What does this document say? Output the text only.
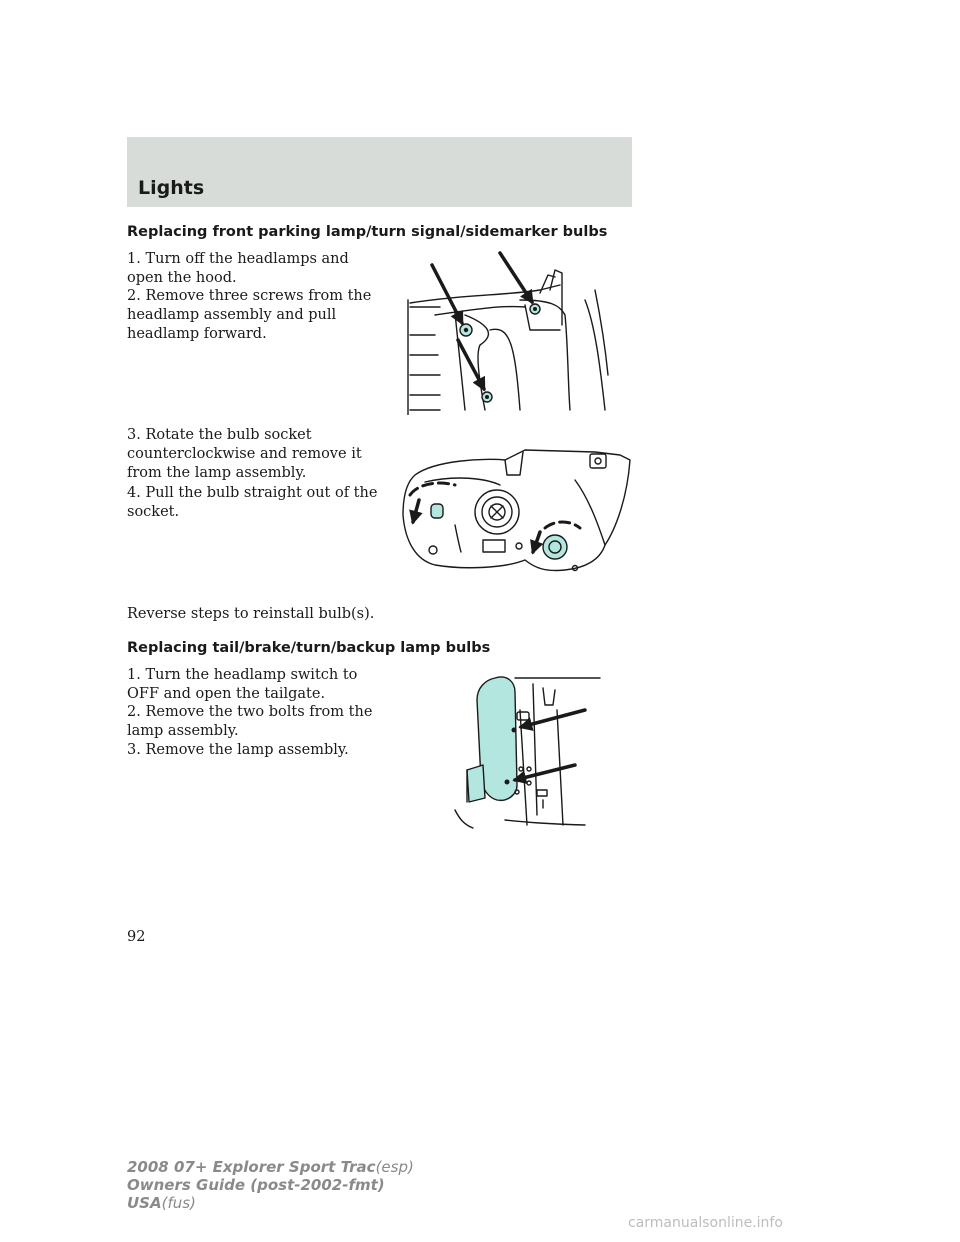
Lights
Replacing front parking lamp/turn signal/sidemarker bulbs

1. Turn off the headlamps and open the hood.

2. Remove three screws from the headlamp assembly and pull headlamp forward.

3. Rotate the bulb socket counterclockwise and remove it from the lamp assembly.

4. Pull the bulb straight out of the socket.

Reverse steps to reinstall bulb(s).

Replacing tail/brake/turn/backup lamp bulbs

1. Turn the headlamp switch to OFF and open the tailgate.

2. Remove the two bolts from the lamp assembly.

3. Remove the lamp assembly.

92

2008 07+ Explorer Sport Trac(esp)
Owners Guide (post-2002-fmt)
USA(fus)

carmanualsonline.info
